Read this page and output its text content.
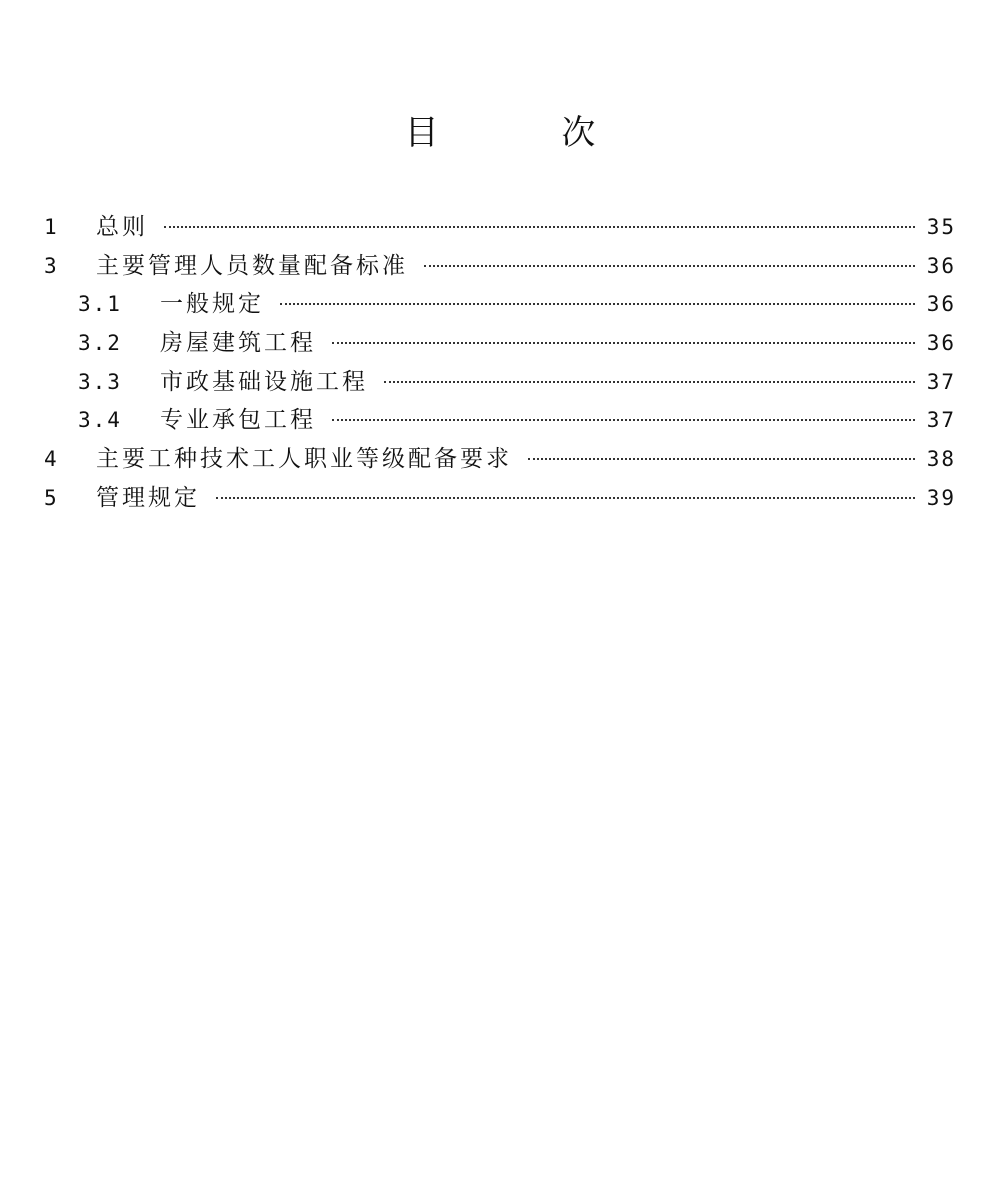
目 次
1	总则	35
3	主要管理人员数量配备标准	36
3.1	一般规定	36
3.2	房屋建筑工程	36
3.3	市政基础设施工程	37
3.4	专业承包工程	37
4	主要工种技术工人职业等级配备要求	38
5	管理规定	39
